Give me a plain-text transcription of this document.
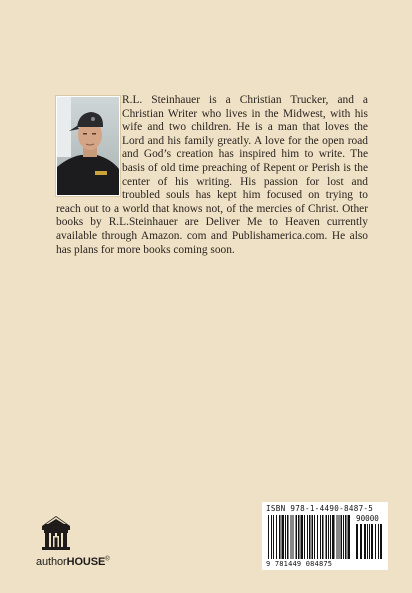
R.L. Steinhauer is a Christian Trucker, and a Christian Writer who lives in the Midwest, with his wife and two children. He is a man that loves the Lord and his family greatly. A love for the open road and God’s creation has inspired him to write. The basis of old time preaching of Repent or Perish is the center of his writing. His passion for lost and troubled souls has kept him focused on trying to reach out to a world that knows not, of the mercies of Christ. Other books by R.L.Steinhauer are Deliver Me to Heaven currently available through Amazon. com and Publishamerica.com. He also has plans for more books coming soon.
authorHOUSE®
ISBN 978-1-4490-8487-5
90000
9 781449 084875
